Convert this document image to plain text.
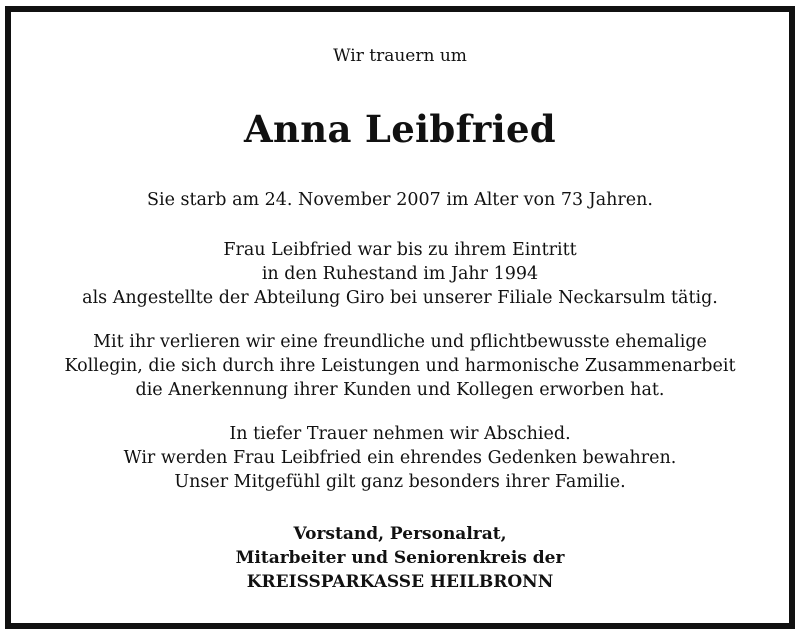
Wir trauern um
Anna Leibfried
Sie starb am 24. November 2007 im Alter von 73 Jahren.
Frau Leibfried war bis zu ihrem Eintritt
in den Ruhestand im Jahr 1994
als Angestellte der Abteilung Giro bei unserer Filiale Neckarsulm tätig.
Mit ihr verlieren wir eine freundliche und pflichtbewusste ehemalige
Kollegin, die sich durch ihre Leistungen und harmonische Zusammenarbeit
die Anerkennung ihrer Kunden und Kollegen erworben hat.
In tiefer Trauer nehmen wir Abschied.
Wir werden Frau Leibfried ein ehrendes Gedenken bewahren.
Unser Mitgefühl gilt ganz besonders ihrer Familie.
Vorstand, Personalrat,
Mitarbeiter und Seniorenkreis der
KREISSPARKASSE HEILBRONN
